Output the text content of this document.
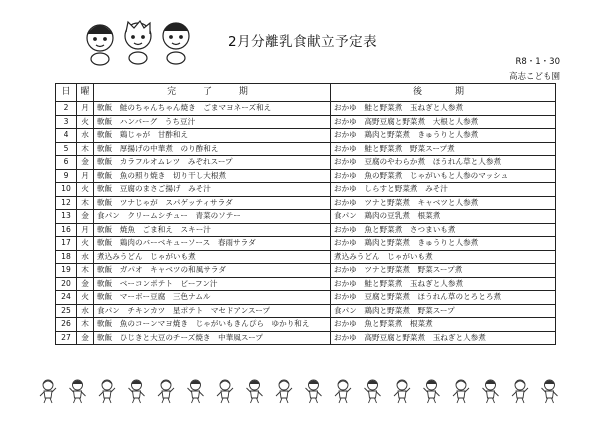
2月分離乳食献立予定表
R8・1・30
高志こども園
日	曜	完 了 期	後　期
2	月	軟飯　鮭のちゃんちゃん焼き　ごまマヨネーズ和え	おかゆ　鮭と野菜煮　玉ねぎと人参煮
3	火	軟飯　ハンバーグ　うち豆汁	おかゆ　高野豆腐と野菜煮　大根と人参煮
4	水	軟飯　鶏じゃが　甘酢和え	おかゆ　鶏肉と野菜煮　きゅうりと人参煮
5	木	軟飯　厚揚げの中華煮　のり酢和え	おかゆ　鮭と野菜煮　野菜スープ煮
6	金	軟飯　カラフルオムレツ　みぞれスープ	おかゆ　豆腐のやわらか煮　ほうれん草と人参煮
9	月	軟飯　魚の照り焼き　切り干し大根煮	おかゆ　魚の野菜煮　じゃがいもと人参のマッシュ
10	火	軟飯　豆腐のまさご揚げ　みそ汁	おかゆ　しらすと野菜煮　みそ汁
12	木	軟飯　ツナじゃが　スパゲッティサラダ	おかゆ　ツナと野菜煮　キャベツと人参煮
13	金	食パン　クリームシチュー　青菜のソテー	食パン　鶏肉の豆乳煮　根菜煮
16	月	軟飯　焼魚　ごま和え　スキー汁	おかゆ　魚と野菜煮　さつまいも煮
17	火	軟飯　鶏肉のバーベキューソース　春雨サラダ	おかゆ　鶏肉と野菜煮　きゅうりと人参煮
18	水	煮込みうどん　じゃがいも煮	煮込みうどん　じゃがいも煮
19	木	軟飯　ガパオ　キャベツの和風サラダ	おかゆ　ツナと野菜煮　野菜スープ煮
20	金	軟飯　ベーコンポテト　ビーフン汁	おかゆ　鮭と野菜煮　玉ねぎと人参煮
24	火	軟飯　マーボー豆腐　三色ナムル	おかゆ　豆腐と野菜煮　ほうれん草のとろとろ煮
25	水	食パン　チキンカツ　星ポテト　マセドアンスープ	食パン　鶏肉と野菜煮　野菜スープ
26	木	軟飯　魚のコーンマヨ焼き　じゃがいもきんぴら　ゆかり和え	おかゆ　魚と野菜煮　根菜煮
27	金	軟飯　ひじきと大豆のチーズ焼き　中華風スープ	おかゆ　高野豆腐と野菜煮　玉ねぎと人参煮
